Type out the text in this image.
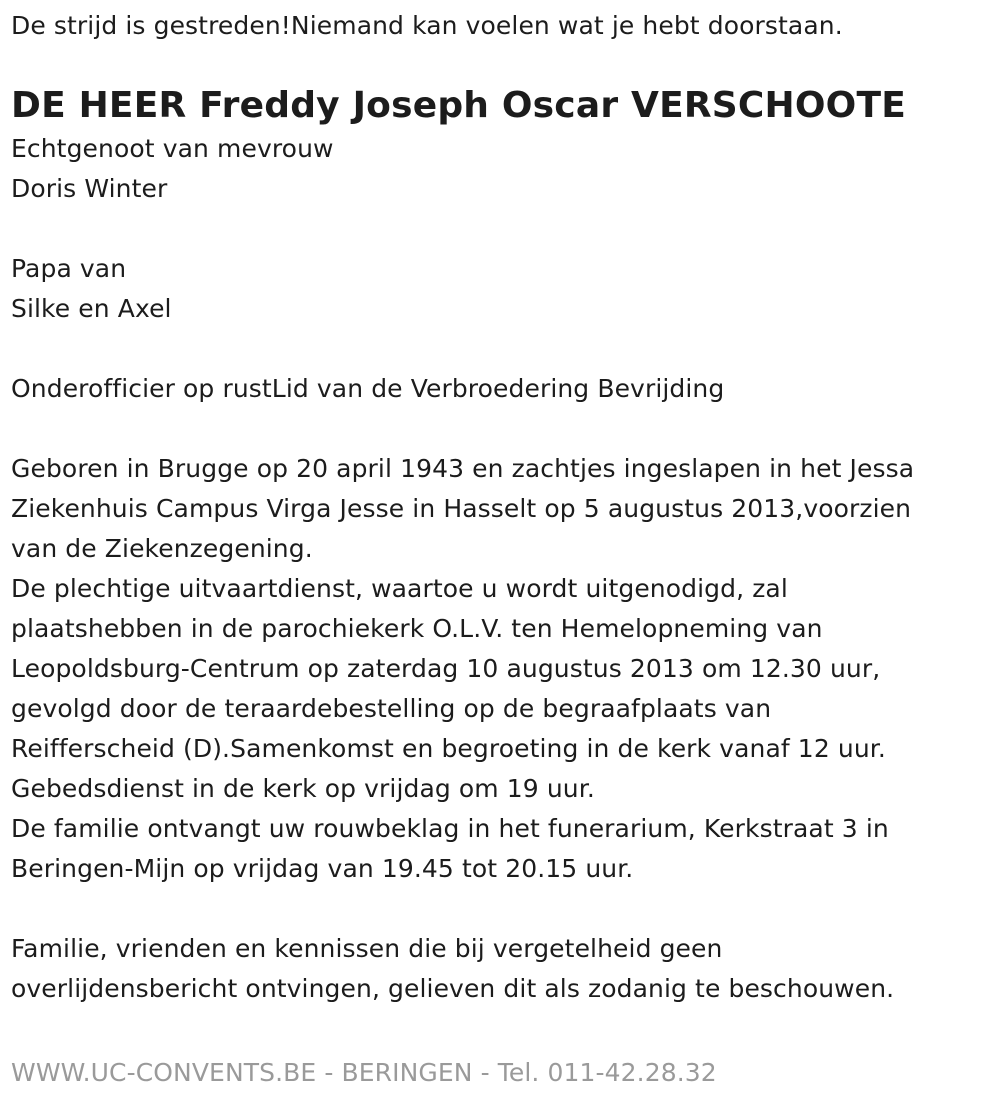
De strijd is gestreden!Niemand kan voelen wat je hebt doorstaan.
DE HEER Freddy Joseph Oscar VERSCHOOTE
Echtgenoot van mevrouw
Doris Winter
Papa van
Silke en Axel
Onderofficier op rustLid van de Verbroedering Bevrijding
Geboren in Brugge op 20 april 1943 en zachtjes ingeslapen in het Jessa
Ziekenhuis Campus Virga Jesse in Hasselt op 5 augustus 2013,voorzien
van de Ziekenzegening.
De plechtige uitvaartdienst, waartoe u wordt uitgenodigd, zal
plaatshebben in de parochiekerk O.L.V. ten Hemelopneming van
Leopoldsburg-Centrum op zaterdag 10 augustus 2013 om 12.30 uur,
gevolgd door de teraardebestelling op de begraafplaats van
Reifferscheid (D).Samenkomst en begroeting in de kerk vanaf 12 uur.
Gebedsdienst in de kerk op vrijdag om 19 uur.
De familie ontvangt uw rouwbeklag in het funerarium, Kerkstraat 3 in
Beringen-Mijn op vrijdag van 19.45 tot 20.15 uur.
Familie, vrienden en kennissen die bij vergetelheid geen
overlijdensbericht ontvingen, gelieven dit als zodanig te beschouwen.
WWW.UC-CONVENTS.BE - BERINGEN - Tel. 011-42.28.32
